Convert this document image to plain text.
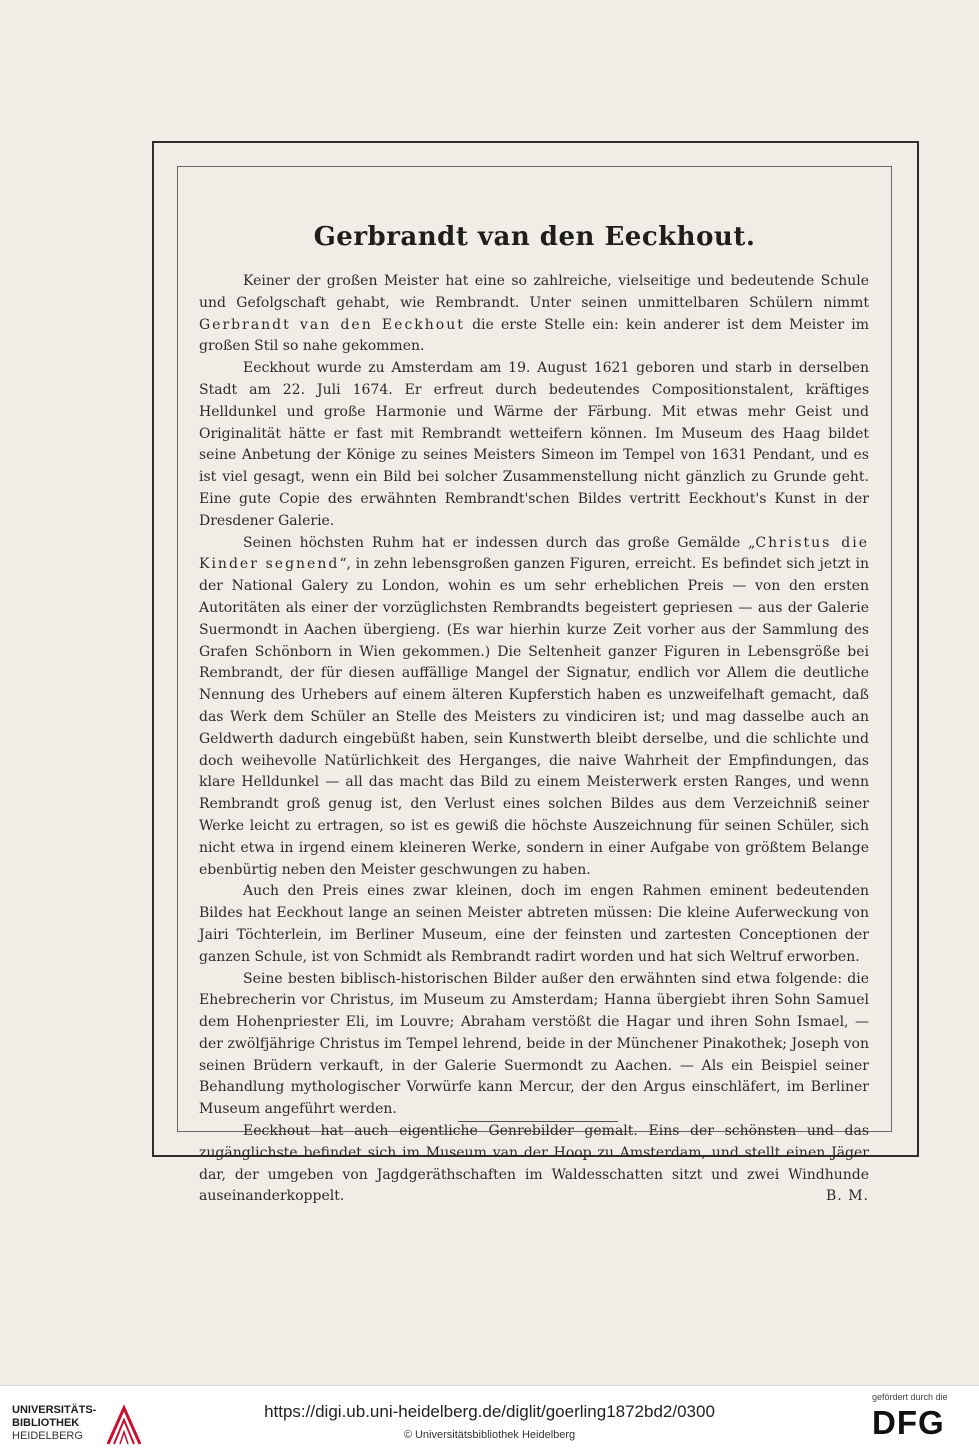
Gerbrandt van den Eeckhout.

Keiner der großen Meister hat eine so zahlreiche, vielseitige und bedeutende Schule und Gefolgschaft gehabt, wie Rembrandt. Unter seinen unmittelbaren Schülern nimmt Gerbrandt van den Eeckhout die erste Stelle ein: kein anderer ist dem Meister im großen Stil so nahe gekommen.

Eeckhout wurde zu Amsterdam am 19. August 1621 geboren und starb in derselben Stadt am 22. Juli 1674. Er erfreut durch bedeutendes Compositionstalent, kräftiges Helldunkel und große Harmonie und Wärme der Färbung. Mit etwas mehr Geist und Originalität hätte er fast mit Rembrandt wetteifern können. Im Museum des Haag bildet seine Anbetung der Könige zu seines Meisters Simeon im Tempel von 1631 Pendant, und es ist viel gesagt, wenn ein Bild bei solcher Zusammenstellung nicht gänzlich zu Grunde geht. Eine gute Copie des erwähnten Rembrandt'schen Bildes vertritt Eeckhout's Kunst in der Dresdener Galerie.

Seinen höchsten Ruhm hat er indessen durch das große Gemälde „Christus die Kinder segnend“, in zehn lebensgroßen ganzen Figuren, erreicht. Es befindet sich jetzt in der National Galery zu London, wohin es um sehr erheblichen Preis — von den ersten Autoritäten als einer der vorzüglichsten Rembrandts begeistert gepriesen — aus der Galerie Suermondt in Aachen übergieng. (Es war hierhin kurze Zeit vorher aus der Sammlung des Grafen Schönborn in Wien gekommen.) Die Seltenheit ganzer Figuren in Lebensgröße bei Rembrandt, der für diesen auffällige Mangel der Signatur, endlich vor Allem die deutliche Nennung des Urhebers auf einem älteren Kupferstich haben es unzweifelhaft gemacht, daß das Werk dem Schüler an Stelle des Meisters zu vindiciren ist; und mag dasselbe auch an Geldwerth dadurch eingebüßt haben, sein Kunstwerth bleibt derselbe, und die schlichte und doch weihevolle Natürlichkeit des Herganges, die naive Wahrheit der Empfindungen, das klare Helldunkel — all das macht das Bild zu einem Meisterwerk ersten Ranges, und wenn Rembrandt groß genug ist, den Verlust eines solchen Bildes aus dem Verzeichniß seiner Werke leicht zu ertragen, so ist es gewiß die höchste Auszeichnung für seinen Schüler, sich nicht etwa in irgend einem kleineren Werke, sondern in einer Aufgabe von größtem Belange ebenbürtig neben den Meister geschwungen zu haben.

Auch den Preis eines zwar kleinen, doch im engen Rahmen eminent bedeutenden Bildes hat Eeckhout lange an seinen Meister abtreten müssen: Die kleine Auferweckung von Jairi Töchterlein, im Berliner Museum, eine der feinsten und zartesten Conceptionen der ganzen Schule, ist von Schmidt als Rembrandt radirt worden und hat sich Weltruf erworben.

Seine besten biblisch-historischen Bilder außer den erwähnten sind etwa folgende: die Ehebrecherin vor Christus, im Museum zu Amsterdam; Hanna übergiebt ihren Sohn Samuel dem Hohenpriester Eli, im Louvre; Abraham verstößt die Hagar und ihren Sohn Ismael, — der zwölfjährige Christus im Tempel lehrend, beide in der Münchener Pinakothek; Joseph von seinen Brüdern verkauft, in der Galerie Suermondt zu Aachen. — Als ein Beispiel seiner Behandlung mythologischer Vorwürfe kann Mercur, der den Argus einschläfert, im Berliner Museum angeführt werden.

Eeckhout hat auch eigentliche Genrebilder gemalt. Eins der schönsten und das zugänglichste befindet sich im Museum van der Hoop zu Amsterdam, und stellt einen Jäger dar, der umgeben von Jagdgeräthschaften im Waldesschatten sitzt und zwei Windhunde auseinanderkoppelt.	B. M.

UNIVERSITÄTS-
BIBLIOTHEK
HEIDELBERG
https://digi.ub.uni-heidelberg.de/diglit/goerling1872bd2/0300
© Universitätsbibliothek Heidelberg
gefördert durch die
DFG
